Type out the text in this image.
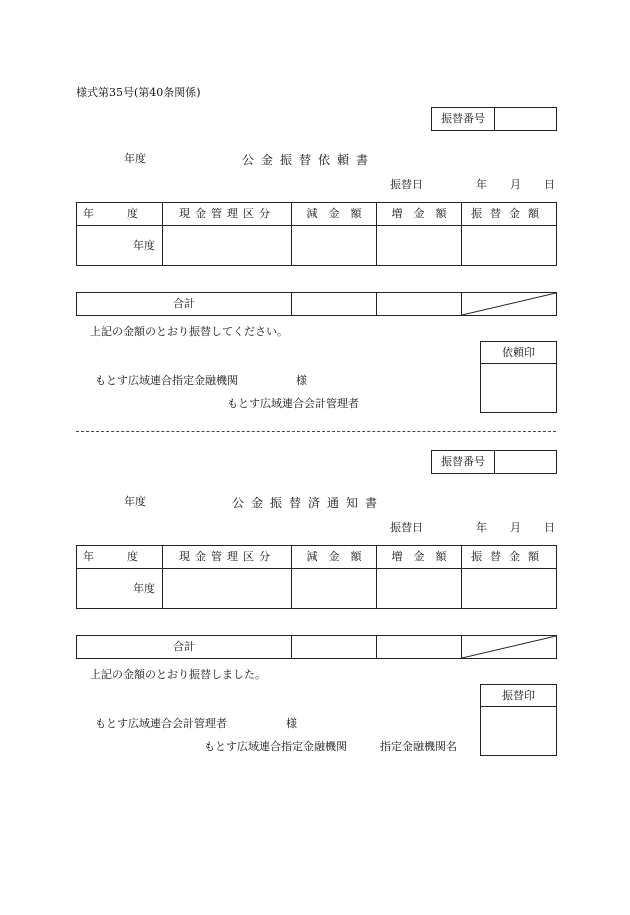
様式第35号(第40条関係)
振替番号
年度	公金振替依頼書
振替日	年 月 日
年　　　度	現金管理区分	減　金　額	増　金　額	振替金額
年度
合計
上記の金額のとおり振替してください。
依頼印
もとす広域連合指定金融機関	様
もとす広域連合会計管理者
振替番号
年度	公金振替済通知書
振替日	年 月 日
年　　　度	現金管理区分	減　金　額	増　金　額	振替金額
年度
合計
上記の金額のとおり振替しました。
振替印
もとす広域連合会計管理者	様
もとす広域連合指定金融機関	指定金融機関名
